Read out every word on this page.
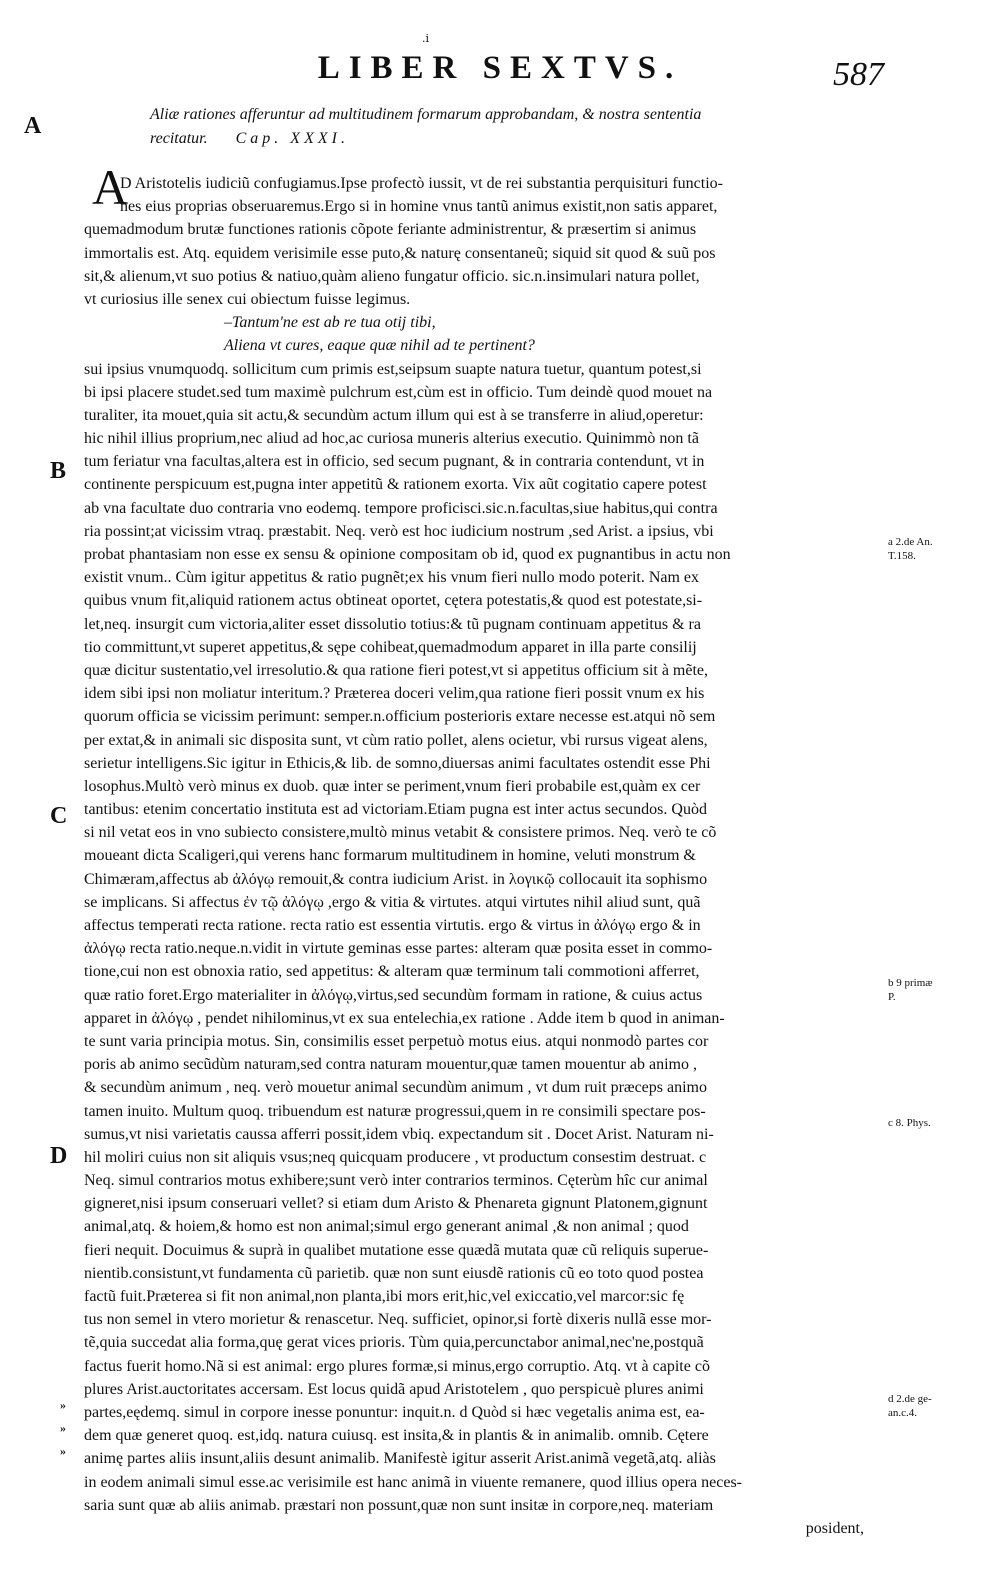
.i
LIBER SEXTVS.	587
A
B
C
D
Aliæ rationes afferuntur ad multitudinem formarum approbandam, & nostra sententia
recitatur. Cap. XXXI.
A
D Aristotelis iudiciũ confugiamus.Ipse profectò iussit, vt de rei substantia perquisituri functio-
nes eius proprias obseruaremus.Ergo si in homine vnus tantũ animus existit,non satis apparet,
quemadmodum brutæ functiones rationis cõpote feriante administrentur, & præsertim si animus
immortalis est. Atq. equidem verisimile esse puto,& naturę consentaneũ; siquid sit quod & suũ pos
sit,& alienum,vt suo potius & natiuo,quàm alieno fungatur officio. sic.n.insimulari natura pollet,
vt curiosius ille senex cui obiectum fuisse legimus.
–Tantum'ne est ab re tua otij tibi,
Aliena vt cures, eaque quæ nihil ad te pertinent?
sui ipsius vnumquodq. sollicitum cum primis est,seipsum suapte natura tuetur, quantum potest,si
bi ipsi placere studet.sed tum maximè pulchrum est,cùm est in officio. Tum deindè quod mouet na
turaliter, ita mouet,quia sit actu,& secundùm actum illum qui est à se transferre in aliud,operetur:
hic nihil illius proprium,nec aliud ad hoc,ac curiosa muneris alterius executio. Quinimmò non tã
tum feriatur vna facultas,altera est in officio, sed secum pugnant, & in contraria contendunt, vt in
continente perspicuum est,pugna inter appetitũ & rationem exorta. Vix aũt cogitatio capere potest
ab vna facultate duo contraria vno eodemq. tempore proficisci.sic.n.facultas,siue habitus,qui contra
ria possint;at vicissim vtraq. præstabit. Neq. verò est hoc iudicium nostrum ,sed Arist. a ipsius, vbi
probat phantasiam non esse ex sensu & opinione compositam ob id, quod ex pugnantibus in actu non
existit vnum.. Cùm igitur appetitus & ratio pugnẽt;ex his vnum fieri nullo modo poterit. Nam ex
quibus vnum fit,aliquid rationem actus obtineat oportet, cętera potestatis,& quod est potestate,si-
let,neq. insurgit cum victoria,aliter esset dissolutio totius:& tũ pugnam continuam appetitus & ra
tio committunt,vt superet appetitus,& sępe cohibeat,quemadmodum apparet in illa parte consilij
quæ dicitur sustentatio,vel irresolutio.& qua ratione fieri potest,vt si appetitus officium sit à mẽte,
idem sibi ipsi non moliatur interitum.? Præterea doceri velim,qua ratione fieri possit vnum ex his
quorum officia se vicissim perimunt: semper.n.officium posterioris extare necesse est.atqui nõ sem
per extat,& in animali sic disposita sunt, vt cùm ratio pollet, alens ocietur, vbi rursus vigeat alens,
serietur intelligens.Sic igitur in Ethicis,& lib. de somno,diuersas animi facultates ostendit esse Phi
losophus.Multò verò minus ex duob. quæ inter se periment,vnum fieri probabile est,quàm ex cer
tantibus: etenim concertatio instituta est ad victoriam.Etiam pugna est inter actus secundos. Quòd
si nil vetat eos in vno subiecto consistere,multò minus vetabit & consistere primos. Neq. verò te cõ
moueant dicta Scaligeri,qui verens hanc formarum multitudinem in homine, veluti monstrum &
Chimæram,affectus ab ἀλόγῳ remouit,& contra iudicium Arist. in λογικῷ collocauit ita sophismo
se implicans. Si affectus ἐν τῷ ἀλόγῳ ,ergo & vitia & virtutes. atqui virtutes nihil aliud sunt, quã
affectus temperati recta ratione. recta ratio est essentia virtutis. ergo & virtus in ἀλόγῳ ergo & in
ἀλόγῳ recta ratio.neque.n.vidit in virtute geminas esse partes: alteram quæ posita esset in commo-
tione,cui non est obnoxia ratio, sed appetitus: & alteram quæ terminum tali commotioni afferret,
quæ ratio foret.Ergo materialiter in ἀλόγῳ,virtus,sed secundùm formam in ratione, & cuius actus
apparet in ἀλόγῳ , pendet nihilominus,vt ex sua entelechia,ex ratione . Adde item b quod in animan-
te sunt varia principia motus. Sin, consimilis esset perpetuò motus eius. atqui nonmodò partes cor
poris ab animo secũdùm naturam,sed contra naturam mouentur,quæ tamen mouentur ab animo ,
& secundùm animum , neq. verò mouetur animal secundùm animum , vt dum ruit præceps animo
tamen inuito. Multum quoq. tribuendum est naturæ progressui,quem in re consimili spectare pos-
sumus,vt nisi varietatis caussa afferri possit,idem vbiq. expectandum sit . Docet Arist. Naturam ni-
hil moliri cuius non sit aliquis vsus;neq quicquam producere , vt productum consestim destruat. c
Neq. simul contrarios motus exhibere;sunt verò inter contrarios terminos. Cęterùm hîc cur animal
gigneret,nisi ipsum conseruari vellet? si etiam dum Aristo & Phenareta gignunt Platonem,gignunt
animal,atq. & hoiem,& homo est non animal;simul ergo generant animal ,& non animal ; quod
fieri nequit. Docuimus & suprà in qualibet mutatione esse quædã mutata quæ cũ reliquis superue-
nientib.consistunt,vt fundamenta cũ parietib. quæ non sunt eiusdẽ rationis cũ eo toto quod postea
factũ fuit.Præterea si fit non animal,non planta,ibi mors erit,hic,vel exiccatio,vel marcor:sic fę
tus non semel in vtero morietur & renascetur. Neq. sufficiet, opinor,si fortè dixeris nullã esse mor-
tẽ,quia succedat alia forma,quę gerat vices prioris. Tùm quia,percunctabor animal,nec'ne,postquã
factus fuerit homo.Nã si est animal: ergo plures formæ,si minus,ergo corruptio. Atq. vt à capite cõ
plures Arist.auctoritates accersam. Est locus quidã apud Aristotelem , quo perspicuè plures animi
partes,eędemq. simul in corpore inesse ponuntur: inquit.n. d Quòd si hæc vegetalis anima est, ea-
dem quæ generet quoq. est,idq. natura cuiusq. est insita,& in plantis & in animalib. omnib. Cętere
animę partes aliis insunt,aliis desunt animalib. Manifestè igitur asserit Arist.animã vegetã,atq. aliàs
in eodem animali simul esse.ac verisimile est hanc animã in viuente remanere, quod illius opera neces-
saria sunt quæ ab aliis animab. præstari non possunt,quæ non sunt insitæ in corpore,neq. materiam
posident,
a 2.de An.
T.158.
b 9 primæ
P.
c 8. Phys.
d 2.de ge-
an.c.4.
»
»
»
